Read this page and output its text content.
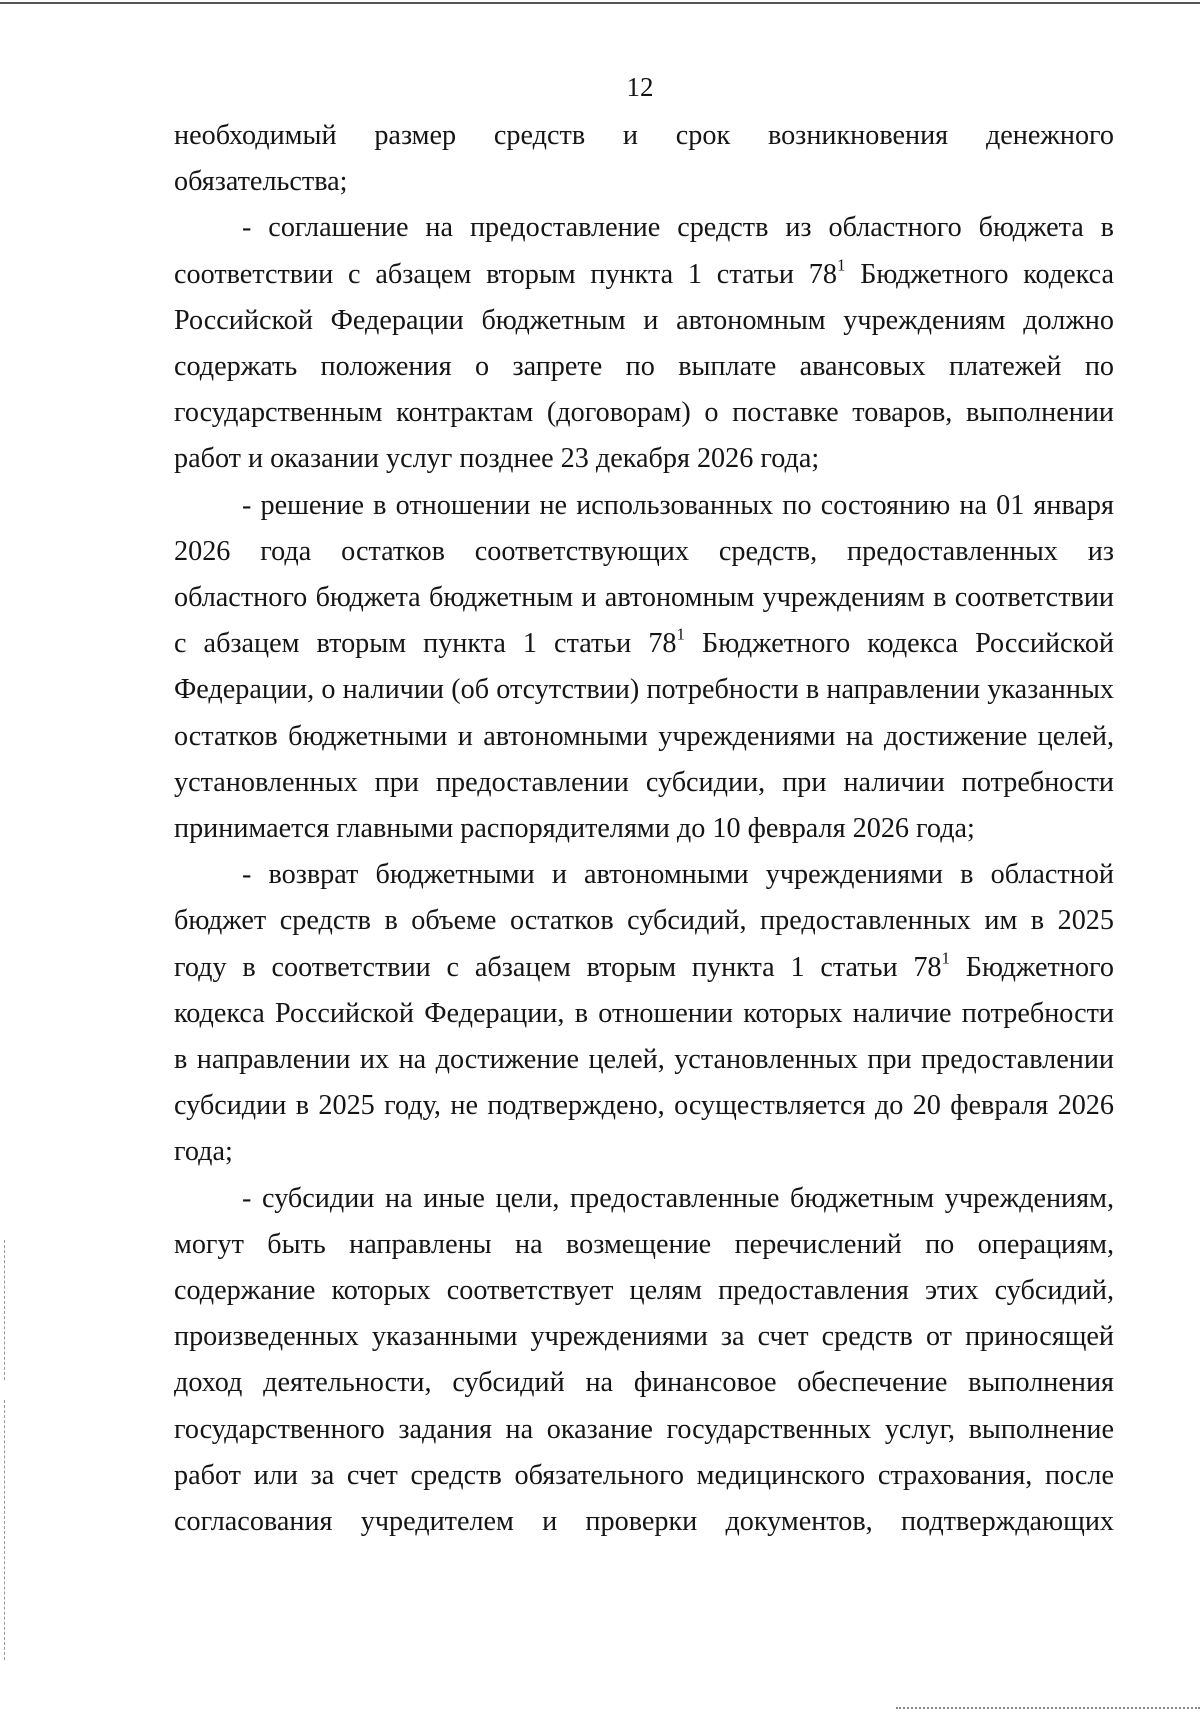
12

необходимый размер средств и срок возникновения денежного
обязательства;

- соглашение на предоставление средств из областного бюджета в
соответствии с абзацем вторым пункта 1 статьи $78^1$ Бюджетного кодекса
Российской Федерации бюджетным и автономным учреждениям должно
содержать положения о запрете по выплате авансовых платежей по
государственным контрактам (договорам) о поставке товаров, выполнении
работ и оказании услуг позднее 23 декабря 2026 года;

- решение в отношении не использованных по состоянию на 01 января
2026 года остатков соответствующих средств, предоставленных из
областного бюджета бюджетным и автономным учреждениям в соответствии
с абзацем вторым пункта 1 статьи $78^1$ Бюджетного кодекса Российской
Федерации, о наличии (об отсутствии) потребности в направлении указанных
остатков бюджетными и автономными учреждениями на достижение целей,
установленных при предоставлении субсидии, при наличии потребности
принимается главными распорядителями до 10 февраля 2026 года;

- возврат бюджетными и автономными учреждениями в областной
бюджет средств в объеме остатков субсидий, предоставленных им в 2025
году в соответствии с абзацем вторым пункта 1 статьи $78^1$ Бюджетного
кодекса Российской Федерации, в отношении которых наличие потребности
в направлении их на достижение целей, установленных при предоставлении
субсидии в 2025 году, не подтверждено, осуществляется до 20 февраля 2026
года;

- субсидии на иные цели, предоставленные бюджетным учреждениям,
могут быть направлены на возмещение перечислений по операциям,
содержание которых соответствует целям предоставления этих субсидий,
произведенных указанными учреждениями за счет средств от приносящей
доход деятельности, субсидий на финансовое обеспечение выполнения
государственного задания на оказание государственных услуг, выполнение
работ или за счет средств обязательного медицинского страхования, после
согласования учредителем и проверки документов, подтверждающих
